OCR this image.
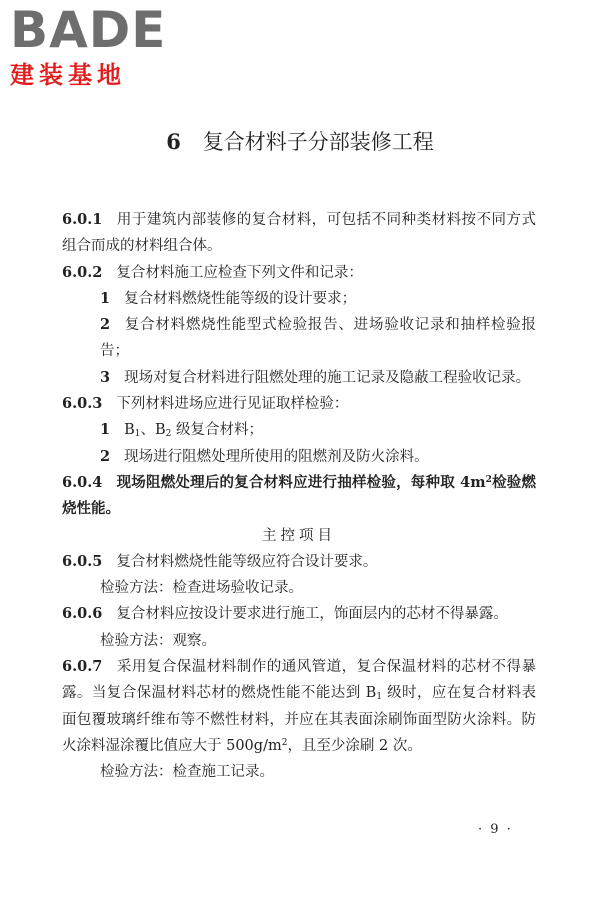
BADE
建装基地
6 复合材料子分部装修工程

6.0.1 用于建筑内部装修的复合材料，可包括不同种类材料按不同方式组合而成的材料组合体。

6.0.2 复合材料施工应检查下列文件和记录：

1 复合材料燃烧性能等级的设计要求；

2 复合材料燃烧性能型式检验报告、进场验收记录和抽样检验报告；

3 现场对复合材料进行阻燃处理的施工记录及隐蔽工程验收记录。

6.0.3 下列材料进场应进行见证取样检验：

1 $B_1$、$B_2$ 级复合材料；

2 现场进行阻燃处理所使用的阻燃剂及防火涂料。

6.0.4 现场阻燃处理后的复合材料应进行抽样检验，每种取 $4m^2$检验燃烧性能。

主控项目

6.0.5 复合材料燃烧性能等级应符合设计要求。

检验方法：检查进场验收记录。

6.0.6 复合材料应按设计要求进行施工，饰面层内的芯材不得暴露。

检验方法：观察。

6.0.7 采用复合保温材料制作的通风管道，复合保温材料的芯材不得暴露。当复合保温材料芯材的燃烧性能不能达到 $B_1$ 级时，应在复合材料表面包覆玻璃纤维布等不燃性材料，并应在其表面涂刷饰面型防火涂料。防火涂料湿涂覆比值应大于 $500g/m^2$，且至少涂刷 2 次。

检验方法：检查施工记录。

· 9 ·
